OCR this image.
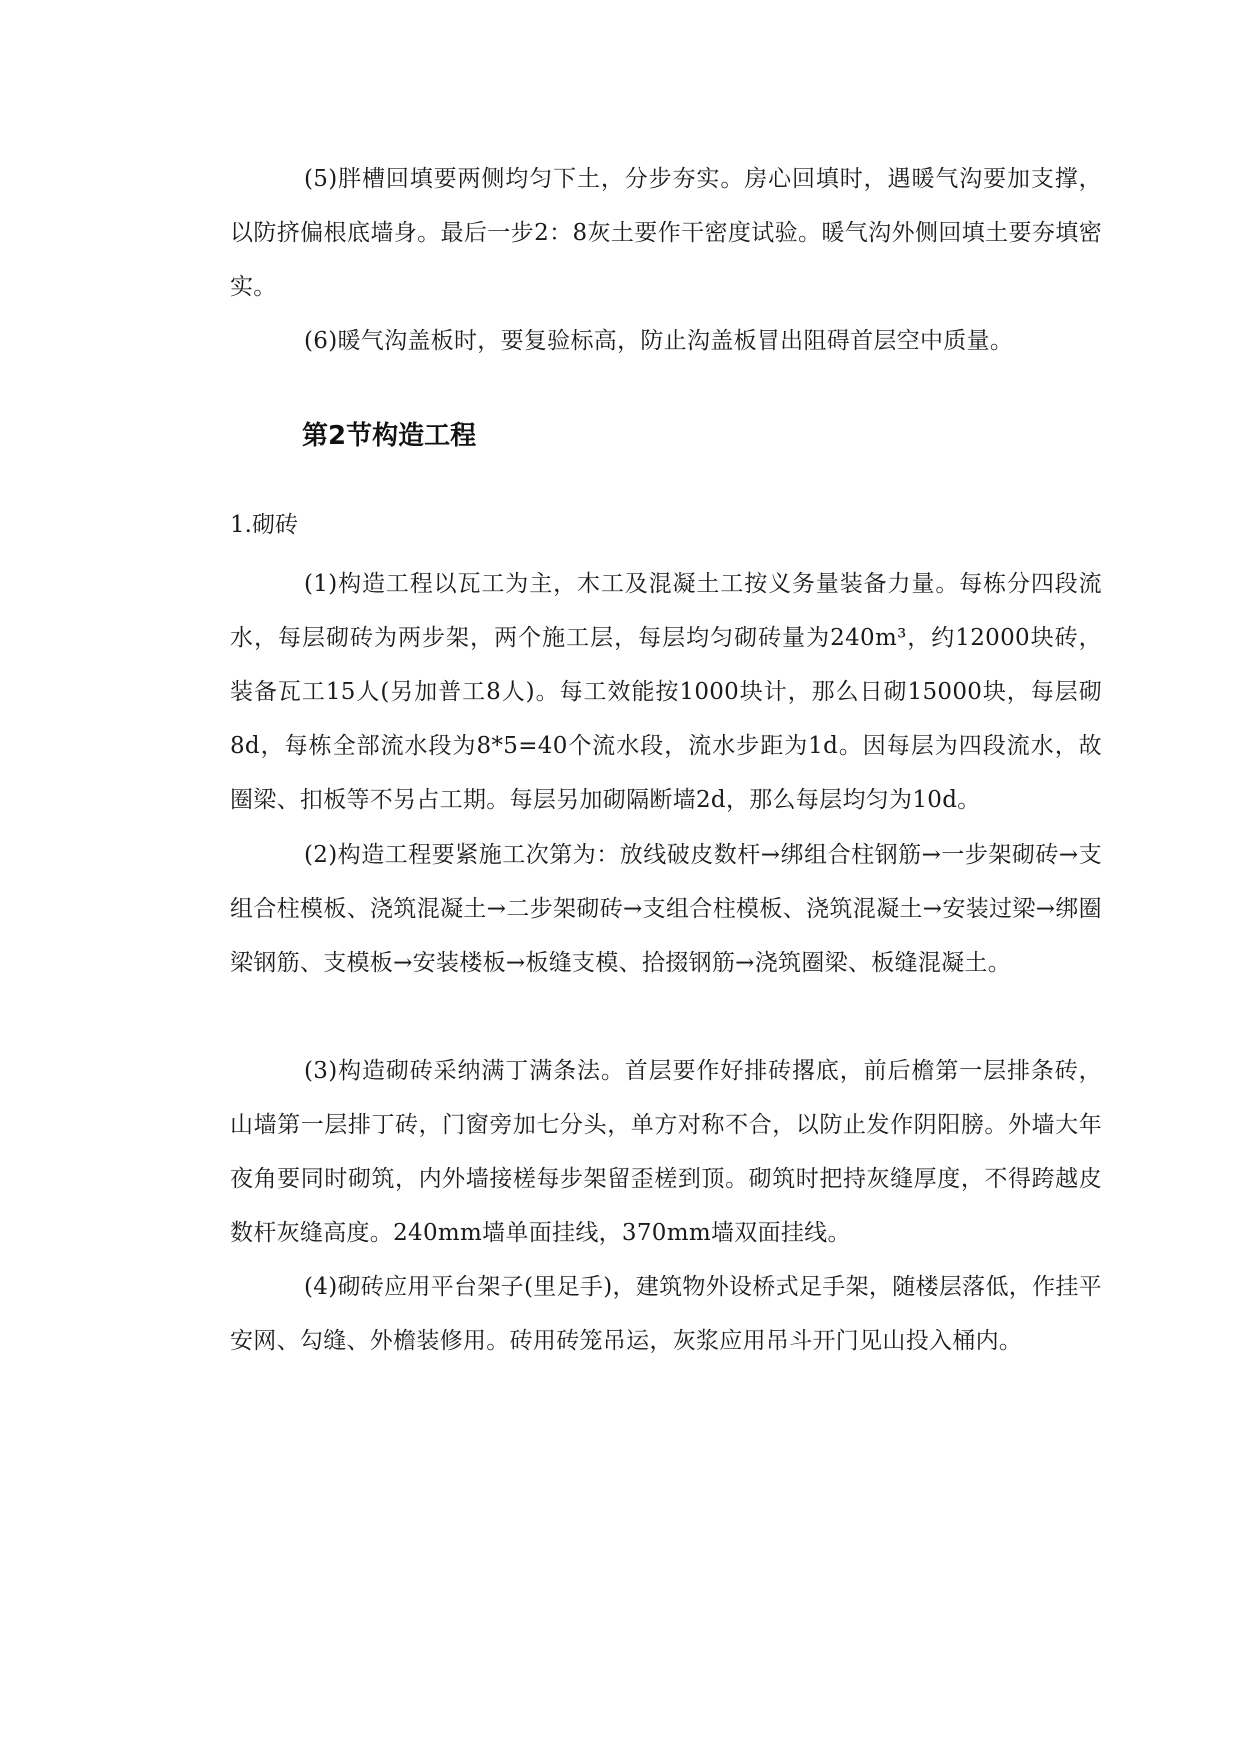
(5)胖槽回填要两侧均匀下土，分步夯实。房心回填时，遇暖气沟要加支撑，以防挤偏根底墙身。最后一步2：8灰土要作干密度试验。暖气沟外侧回填土要夯填密实。

(6)暖气沟盖板时，要复验标高，防止沟盖板冒出阻碍首层空中质量。

第2节构造工程

1.砌砖

(1)构造工程以瓦工为主，木工及混凝土工按义务量装备力量。每栋分四段流水，每层砌砖为两步架，两个施工层，每层均匀砌砖量为240m³，约12000块砖，装备瓦工15人(另加普工8人)。每工效能按1000块计，那么日砌15000块，每层砌8d，每栋全部流水段为8*5=40个流水段，流水步距为1d。因每层为四段流水，故圈梁、扣板等不另占工期。每层另加砌隔断墙2d，那么每层均匀为10d。

(2)构造工程要紧施工次第为：放线破皮数杆→绑组合柱钢筋→一步架砌砖→支组合柱模板、浇筑混凝土→二步架砌砖→支组合柱模板、浇筑混凝土→安装过梁→绑圈梁钢筋、支模板→安装楼板→板缝支模、拾掇钢筋→浇筑圈梁、板缝混凝土。

(3)构造砌砖采纳满丁满条法。首层要作好排砖撂底，前后檐第一层排条砖，山墙第一层排丁砖，门窗旁加七分头，单方对称不合，以防止发作阴阳膀。外墙大年夜角要同时砌筑，内外墙接槎每步架留歪槎到顶。砌筑时把持灰缝厚度，不得跨越皮数杆灰缝高度。240mm墙单面挂线，370mm墙双面挂线。

(4)砌砖应用平台架子(里足手)，建筑物外设桥式足手架，随楼层落低，作挂平安网、勾缝、外檐装修用。砖用砖笼吊运，灰浆应用吊斗开门见山投入桶内。
